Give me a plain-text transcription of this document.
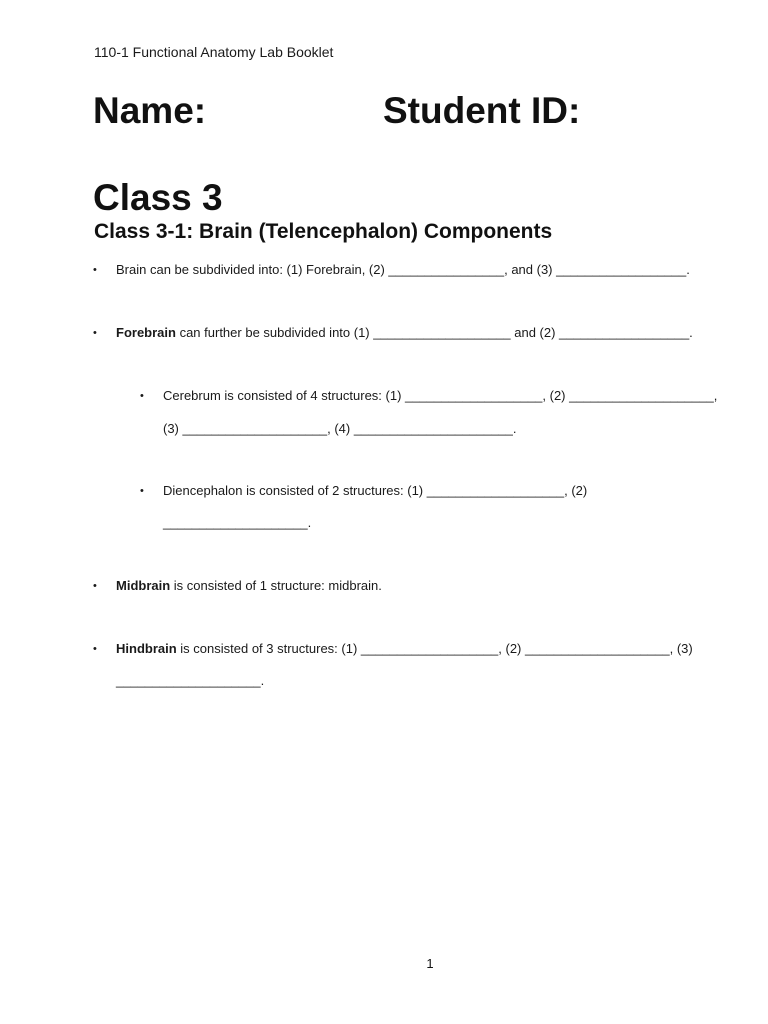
110-1 Functional Anatomy Lab Booklet
Name:	Student ID:
Class 3
Class 3-1: Brain (Telencephalon) Components
• Brain can be subdivided into: (1) Forebrain, (2) ________________, and (3) __________________.
• Forebrain can further be subdivided into (1) ___________________ and (2) __________________.
• Cerebrum is consisted of 4 structures: (1) ___________________, (2) ____________________,
(3) ____________________, (4) ______________________.
• Diencephalon is consisted of 2 structures: (1) ___________________, (2)
____________________.
• Midbrain is consisted of 1 structure: midbrain.
• Hindbrain is consisted of 3 structures: (1) ___________________, (2) ____________________, (3)
____________________.
1
